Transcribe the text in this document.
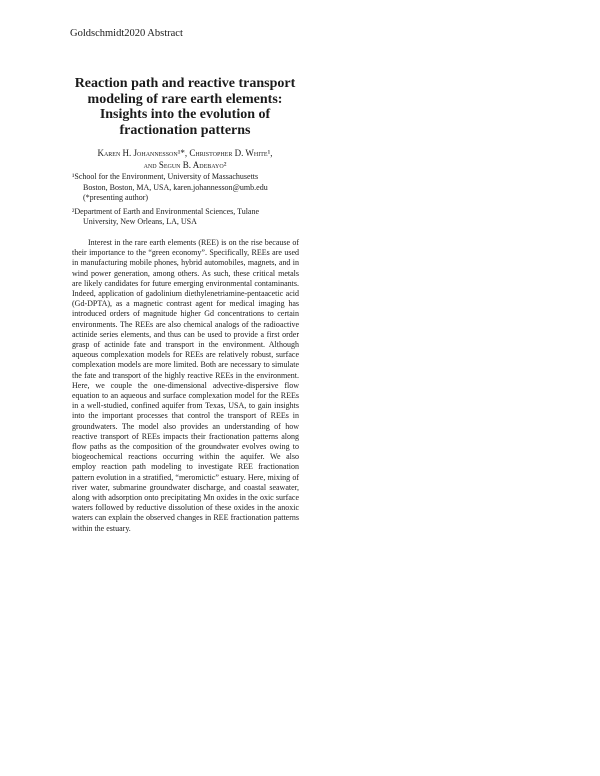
Goldschmidt2020 Abstract
Reaction path and reactive transport
modeling of rare earth elements:
Insights into the evolution of
fractionation patterns
Karen H. Johannesson¹*, Christopher D. White¹,
and Segun B. Adebayo²
¹School for the Environment, University of Massachusetts
Boston, Boston, MA, USA, karen.johannesson@umb.edu
(*presenting author)
²Department of Earth and Environmental Sciences, Tulane
University, New Orleans, LA, USA

Interest in the rare earth elements (REE) is on the rise because of their importance to the “green economy”. Specifically, REEs are used in manufacturing mobile phones, hybrid automobiles, magnets, and in wind power generation, among others. As such, these critical metals are likely candidates for future emerging environmental contaminants. Indeed, application of gadolinium diethylenetriamine-pentaacetic acid (Gd-DPTA), as a magnetic contrast agent for medical imaging has introduced orders of magnitude higher Gd concentrations to certain environments. The REEs are also chemical analogs of the radioactive actinide series elements, and thus can be used to provide a first order grasp of actinide fate and transport in the environment. Although aqueous complexation models for REEs are relatively robust, surface complexation models are more limited. Both are necessary to simulate the fate and transport of the highly reactive REEs in the environment. Here, we couple the one-dimensional advective-dispersive flow equation to an aqueous and surface complexation model for the REEs in a well-studied, confined aquifer from Texas, USA, to gain insights into the important processes that control the transport of REEs in groundwaters. The model also provides an understanding of how reactive transport of REEs impacts their fractionation patterns along flow paths as the composition of the groundwater evolves owing to biogeochemical reactions occurring within the aquifer. We also employ reaction path modeling to investigate REE fractionation pattern evolution in a stratified, “meromictic” estuary. Here, mixing of river water, submarine groundwater discharge, and coastal seawater, along with adsorption onto precipitating Mn oxides in the oxic surface waters followed by reductive dissolution of these oxides in the anoxic waters can explain the observed changes in REE fractionation patterns within the estuary.
